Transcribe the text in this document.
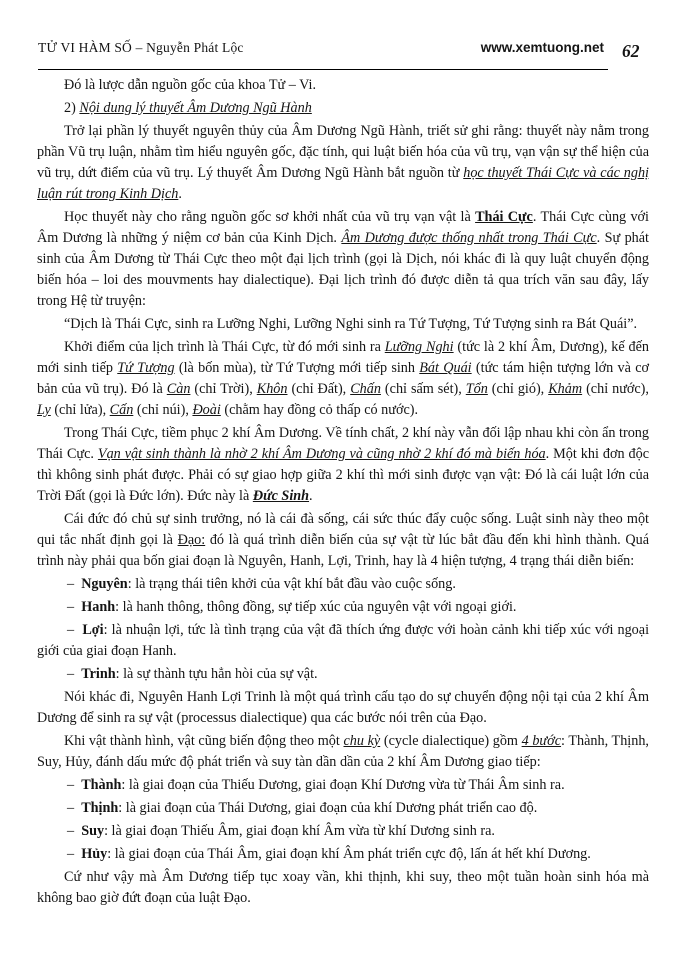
TỬ VI HÀM SỐ – Nguyễn Phát Lộc	www.xemtuong.net 62

Đó là lược dẫn nguồn gốc của khoa Tử – Vi.

2) Nội dung lý thuyết Âm Dương Ngũ Hành

Trở lại phần lý thuyết nguyên thủy của Âm Dương Ngũ Hành, triết sử ghi rằng: thuyết này nằm trong phần Vũ trụ luận, nhằm tìm hiểu nguyên gốc, đặc tính, qui luật biến hóa của vũ trụ, vạn vận sự thể hiện của vũ trụ, dứt điểm của vũ trụ. Lý thuyết Âm Dương Ngũ Hành bắt nguồn từ học thuyết Thái Cực và các nghị luận rút trong Kinh Dịch.

Học thuyết này cho rằng nguồn gốc sơ khởi nhất của vũ trụ vạn vật là Thái Cực. Thái Cực cùng với Âm Dương là những ý niệm cơ bản của Kinh Dịch. Âm Dương được thống nhất trong Thái Cực. Sự phát sinh của Âm Dương từ Thái Cực theo một đại lịch trình (gọi là Dịch, nói khác đi là quy luật chuyển động biến hóa – loi des mouvments hay dialectique). Đại lịch trình đó được diễn tả qua trích văn sau đây, lấy trong Hệ từ truyện:

“Dịch là Thái Cực, sinh ra Lưỡng Nghi, Lưỡng Nghi sinh ra Tứ Tượng, Tứ Tượng sinh ra Bát Quái”.

Khởi điểm của lịch trình là Thái Cực, từ đó mới sinh ra Lưỡng Nghi (tức là 2 khí Âm, Dương), kế đến mới sinh tiếp Tứ Tượng (là bốn mùa), từ Tứ Tượng mới tiếp sinh Bát Quái (tức tám hiện tượng lớn và cơ bản của vũ trụ). Đó là Càn (chỉ Trời), Khôn (chỉ Đất), Chấn (chỉ sấm sét), Tổn (chỉ gió), Khảm (chỉ nước), Ly (chỉ lửa), Cấn (chỉ núi), Đoài (chằm hay đồng cỏ thấp có nước).

Trong Thái Cực, tiềm phục 2 khí Âm Dương. Về tính chất, 2 khí này vẫn đối lập nhau khi còn ẩn trong Thái Cực. Vạn vật sinh thành là nhờ 2 khí Âm Dương và cũng nhờ 2 khí đó mà biến hóa. Một khi đơn độc thì không sinh phát được. Phải có sự giao hợp giữa 2 khí thì mới sinh được vạn vật: Đó là cái luật lớn của Trời Đất (gọi là Đức lớn). Đức này là Đức Sinh.

Cái đức đó chủ sự sinh trưởng, nó là cái đà sống, cái sức thúc đẩy cuộc sống. Luật sinh này theo một qui tắc nhất định gọi là Đạo: đó là quá trình diễn biến của sự vật từ lúc bắt đầu đến khi hình thành. Quá trình này phải qua bốn giai đoạn là Nguyên, Hanh, Lợi, Trinh, hay là 4 hiện tượng, 4 trạng thái diễn biến:

–  Nguyên: là trạng thái tiên khởi của vật khí bắt đầu vào cuộc sống.

–  Hanh: là hanh thông, thông đồng, sự tiếp xúc của nguyên vật với ngoại giới.

–  Lợi: là nhuận lợi, tức là tình trạng của vật đã thích ứng được với hoàn cảnh khi tiếp xúc với ngoại giới của giai đoạn Hanh.

–  Trinh: là sự thành tựu hẳn hòi của sự vật.

Nói khác đi, Nguyên Hanh Lợi Trinh là một quá trình cấu tạo do sự chuyển động nội tại của 2 khí Âm Dương để sinh ra sự vật (processus dialectique) qua các bước nói trên của Đạo.

Khi vật thành hình, vật cũng biến động theo một chu kỳ (cycle dialectique) gồm 4 bước: Thành, Thịnh, Suy, Hủy, đánh dấu mức độ phát triển và suy tàn dần dần của 2 khí Âm Dương giao tiếp:

–  Thành: là giai đoạn của Thiếu Dương, giai đoạn Khí Dương vừa từ Thái Âm sinh ra.

–  Thịnh: là giai đoạn của Thái Dương, giai đoạn của khí Dương phát triển cao độ.

–  Suy: là giai đoạn Thiếu Âm, giai đoạn khí Âm vừa từ khí Dương sinh ra.

–  Hủy: là giai đoạn của Thái Âm, giai đoạn khí Âm phát triển cực độ, lấn át hết khí Dương.

Cứ như vậy mà Âm Dương tiếp tục xoay vần, khi thịnh, khi suy, theo một tuần hoàn sinh hóa mà không bao giờ đứt đoạn của luật Đạo.
